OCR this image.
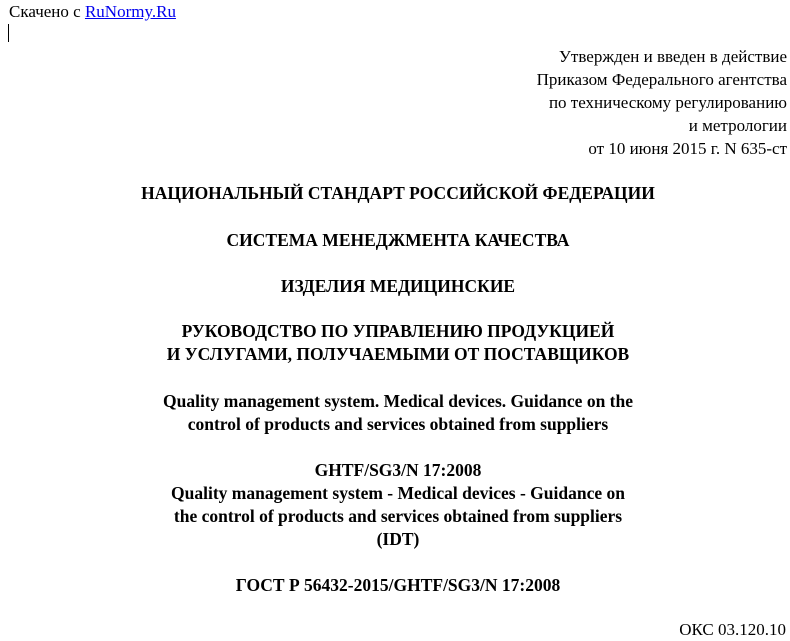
Скачено с RuNormy.Ru
Утвержден и введен в действие
Приказом Федерального агентства
по техническому регулированию
и метрологии
от 10 июня 2015 г. N 635-ст
НАЦИОНАЛЬНЫЙ СТАНДАРТ РОССИЙСКОЙ ФЕДЕРАЦИИ
СИСТЕМА МЕНЕДЖМЕНТА КАЧЕСТВА
ИЗДЕЛИЯ МЕДИЦИНСКИЕ
РУКОВОДСТВО ПО УПРАВЛЕНИЮ ПРОДУКЦИЕЙ
И УСЛУГАМИ, ПОЛУЧАЕМЫМИ ОТ ПОСТАВЩИКОВ
Quality management system. Medical devices. Guidance on the
control of products and services obtained from suppliers
GHTF/SG3/N 17:2008
Quality management system - Medical devices - Guidance on
the control of products and services obtained from suppliers
(IDT)
ГОСТ Р 56432-2015/GHTF/SG3/N 17:2008
ОКС 03.120.10
